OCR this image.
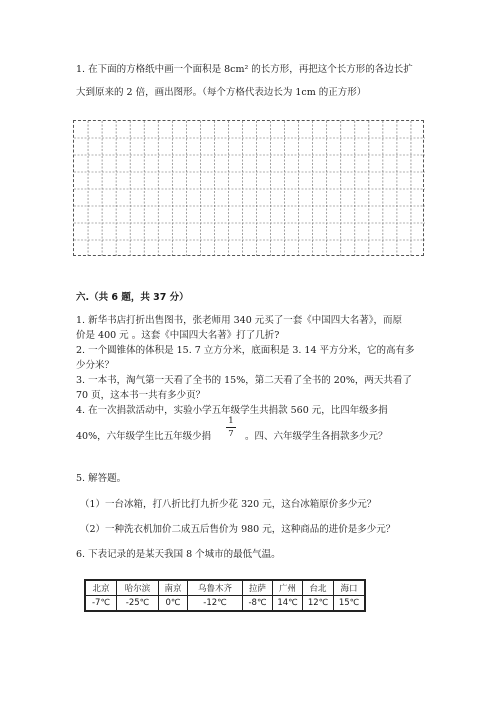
1. 在下面的方格纸中画一个面积是 8cm² 的长方形，再把这个长方形的各边长扩
大到原来的 2 倍，画出图形。（每个方格代表边长为 1cm 的正方形）
六.（共 6 题，共 37 分）
1. 新华书店打折出售图书，张老师用 340 元买了一套《中国四大名著》，而原
价是 400 元 。这套《中国四大名著》打了几折?
2. 一个圆锥体的体积是 15. 7 立方分米，底面积是 3. 14 平方分米，它的高有多
少分米？
3. 一本书，淘气第一天看了全书的 15%，第二天看了全书的 20%，两天共看了
70 页，这本书一共有多少页？
4. 在一次捐款活动中，实验小学五年级学生共捐款 560 元，比四年级多捐
40%，六年级学生比五年级少捐
1
7 。四、六年级学生各捐款多少元？
5. 解答题。
（1）一台冰箱，打八折比打九折少花 320 元，这台冰箱原价多少元？
（2）一种洗衣机加价二成五后售价为 980 元，这种商品的进价是多少元？
6. 下表记录的是某天我国 8 个城市的最低气温。
北京	哈尔滨	南京	乌鲁木齐	拉萨	广州	台北	海口
-7℃	-25℃	0℃	-12℃	-8℃	14℃	12℃	15℃
